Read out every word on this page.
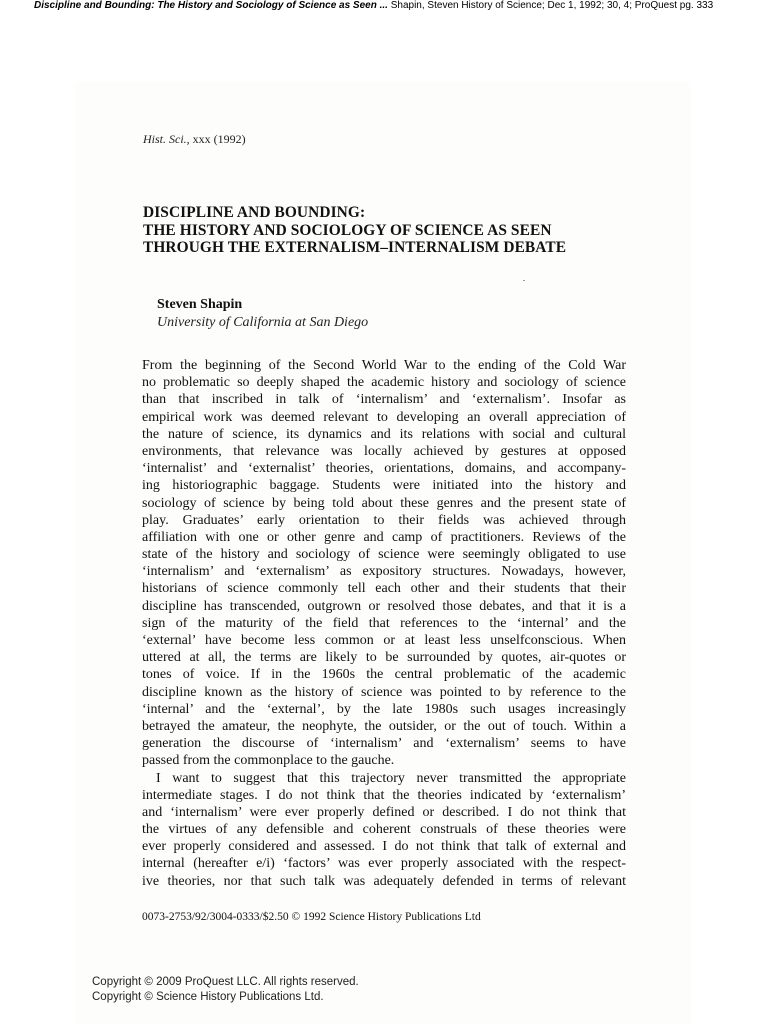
Discipline and Bounding: The History and Sociology of Science as Seen ... Shapin, Steven History of Science; Dec 1, 1992; 30, 4; ProQuest pg. 333
Hist. Sci., xxx (1992)
DISCIPLINE AND BOUNDING:
THE HISTORY AND SOCIOLOGY OF SCIENCE AS SEEN
THROUGH THE EXTERNALISM–INTERNALISM DEBATE
Steven Shapin
University of California at San Diego
From the beginning of the Second World War to the ending of the Cold War
no problematic so deeply shaped the academic history and sociology of science
than that inscribed in talk of ‘internalism’ and ‘externalism’. Insofar as
empirical work was deemed relevant to developing an overall appreciation of
the nature of science, its dynamics and its relations with social and cultural
environments, that relevance was locally achieved by gestures at opposed
‘internalist’ and ‘externalist’ theories, orientations, domains, and accompany-
ing historiographic baggage. Students were initiated into the history and
sociology of science by being told about these genres and the present state of
play. Graduates’ early orientation to their fields was achieved through
affiliation with one or other genre and camp of practitioners. Reviews of the
state of the history and sociology of science were seemingly obligated to use
‘internalism’ and ‘externalism’ as expository structures. Nowadays, however,
historians of science commonly tell each other and their students that their
discipline has transcended, outgrown or resolved those debates, and that it is a
sign of the maturity of the field that references to the ‘internal’ and the
‘external’ have become less common or at least less unselfconscious. When
uttered at all, the terms are likely to be surrounded by quotes, air-quotes or
tones of voice. If in the 1960s the central problematic of the academic
discipline known as the history of science was pointed to by reference to the
‘internal’ and the ‘external’, by the late 1980s such usages increasingly
betrayed the amateur, the neophyte, the outsider, or the out of touch. Within a
generation the discourse of ‘internalism’ and ‘externalism’ seems to have
passed from the commonplace to the gauche.
I want to suggest that this trajectory never transmitted the appropriate
intermediate stages. I do not think that the theories indicated by ‘externalism’
and ‘internalism’ were ever properly defined or described. I do not think that
the virtues of any defensible and coherent construals of these theories were
ever properly considered and assessed. I do not think that talk of external and
internal (hereafter e/i) ‘factors’ was ever properly associated with the respect-
ive theories, nor that such talk was adequately defended in terms of relevant
0073-2753/92/3004-0333/$2.50 © 1992 Science History Publications Ltd
Copyright © 2009 ProQuest LLC. All rights reserved.
Copyright © Science History Publications Ltd.
